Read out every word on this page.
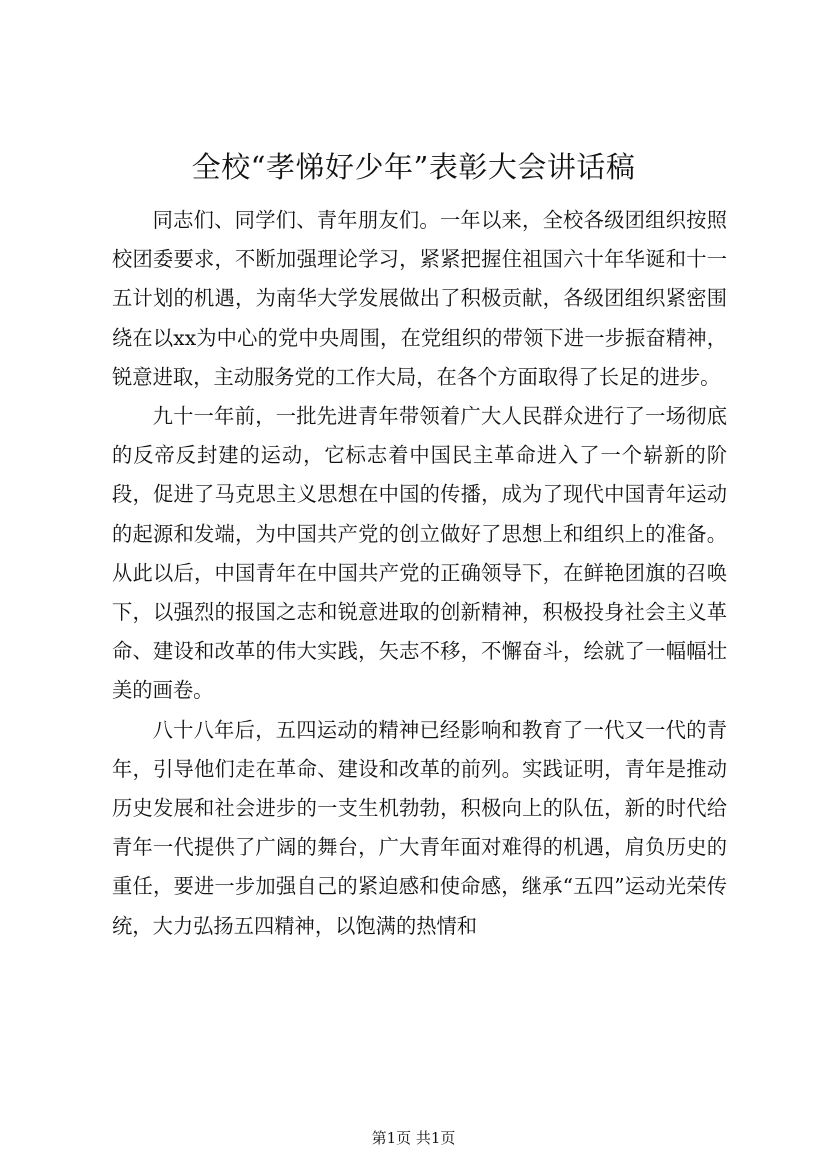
全校“孝悌好少年”表彰大会讲话稿

同志们、同学们、青年朋友们。一年以来，全校各级团组织按照校团委要求，不断加强理论学习，紧紧把握住祖国六十年华诞和十一五计划的机遇，为南华大学发展做出了积极贡献，各级团组织紧密围绕在以xx为中心的党中央周围，在党组织的带领下进一步振奋精神，锐意进取，主动服务党的工作大局，在各个方面取得了长足的进步。

九十一年前，一批先进青年带领着广大人民群众进行了一场彻底的反帝反封建的运动，它标志着中国民主革命进入了一个崭新的阶段，促进了马克思主义思想在中国的传播，成为了现代中国青年运动的起源和发端，为中国共产党的创立做好了思想上和组织上的准备。从此以后，中国青年在中国共产党的正确领导下，在鲜艳团旗的召唤下，以强烈的报国之志和锐意进取的创新精神，积极投身社会主义革命、建设和改革的伟大实践，矢志不移，不懈奋斗，绘就了一幅幅壮美的画卷。

八十八年后，五四运动的精神已经影响和教育了一代又一代的青年，引导他们走在革命、建设和改革的前列。实践证明，青年是推动历史发展和社会进步的一支生机勃勃，积极向上的队伍，新的时代给青年一代提供了广阔的舞台，广大青年面对难得的机遇，肩负历史的重任，要进一步加强自己的紧迫感和使命感，继承“五四”运动光荣传统，大力弘扬五四精神，以饱满的热情和

第1页 共1页
